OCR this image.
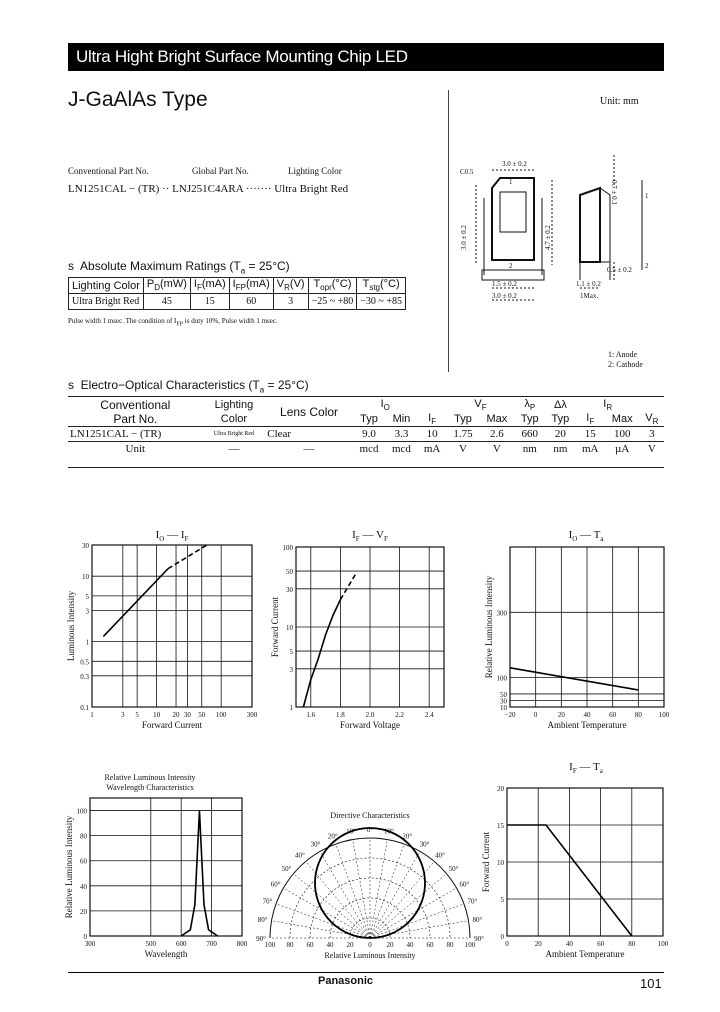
Ultra Hight Bright Surface Mounting Chip LED
J-GaAlAs Type	Unit: mm
Conventional Part No.	Global Part No.	Lighting Color
LN1251CAL − (TR) ·· LNJ251C4ARA ······· Ultra Bright Red
C0.5
3.0 ± 0.2
3.0 ± 0.2
1.5 ± 0.2
3.0 ± 0.2
0.7 ± 0.1
1.1 ± 0.2
0.5 ± 0.2
1Max.
1
2
1
4.7 ± 0.2
2
1: Anode
2: Cathode
s Absolute Maximum Ratings $(T_a = 25^\circ C)$
Lighting Color	$P_D(mW)$	$I_F(mA)$	$I_{FP}(mA)$	$V_R(V)$	$T_{opr}(^\circ C)$	$T_{stg}(^\circ C)$
Ultra Bright Red	45	15	60	3	−25 ~ +80	−30 ~ +85
Pulse width 1 msec. The condition of $I_{FP}$ is duty 10%, Pulse width 1 msec.
s Electro−Optical Characteristics $(T_a = 25^\circ C)$
Conventional	Lighting	Lens Color	$I_O$			$V_F$		$\lambda_P$	Δλ	$I_R$	
Part No.	Color		Typ	Min	$I_F$	Typ	Max	Typ	Typ	$I_F$	Max	$V_R$
LN1251CAL − (TR)	Ultra Bright Red	Clear	9.0	3.3	10	1.75	2.6	660	20	15	100	3
Unit	—	—	mcd	mcd	mA	V	V	nm	nm	mA	µA	V
1	3 5 10 20 30 50 100	300
0.1
0.3
0.5
1
3
5
10
30
Forward Current
Luminous Intensity
1.6	1.8	2.0	2.2	2.4
1
3
5
10
30
50
100
Forward Voltage
Forward Current
−20	0	20	40	60	80 100
10
30
50
100
300
Ambient Temperature
Relative Luminous Intensity
300	500	600	700	800
0
20
40
60
80
100
Wavelength
Relative Luminous Intensity
0	20	40	60	80	100
0
5
10
15
20
Ambient Temperature
Forward Current
$I_O$ — $I_F$	$I_F$ — $V_F$	$I_O$ — $T_a$
$I_F$ — $T_a$
Relative Luminous Intensity
Wavelength Characteristics
Directive Characteristics
0° 10°
10°
20°
20°
30°
30°
40°
40°
50°
50°
60°
60°
70°
70°
80°
80°
90°
90°
100 80 60 40 20 0 20 40 60 80 100
Relative Luminous Intensity
Panasonic	101
